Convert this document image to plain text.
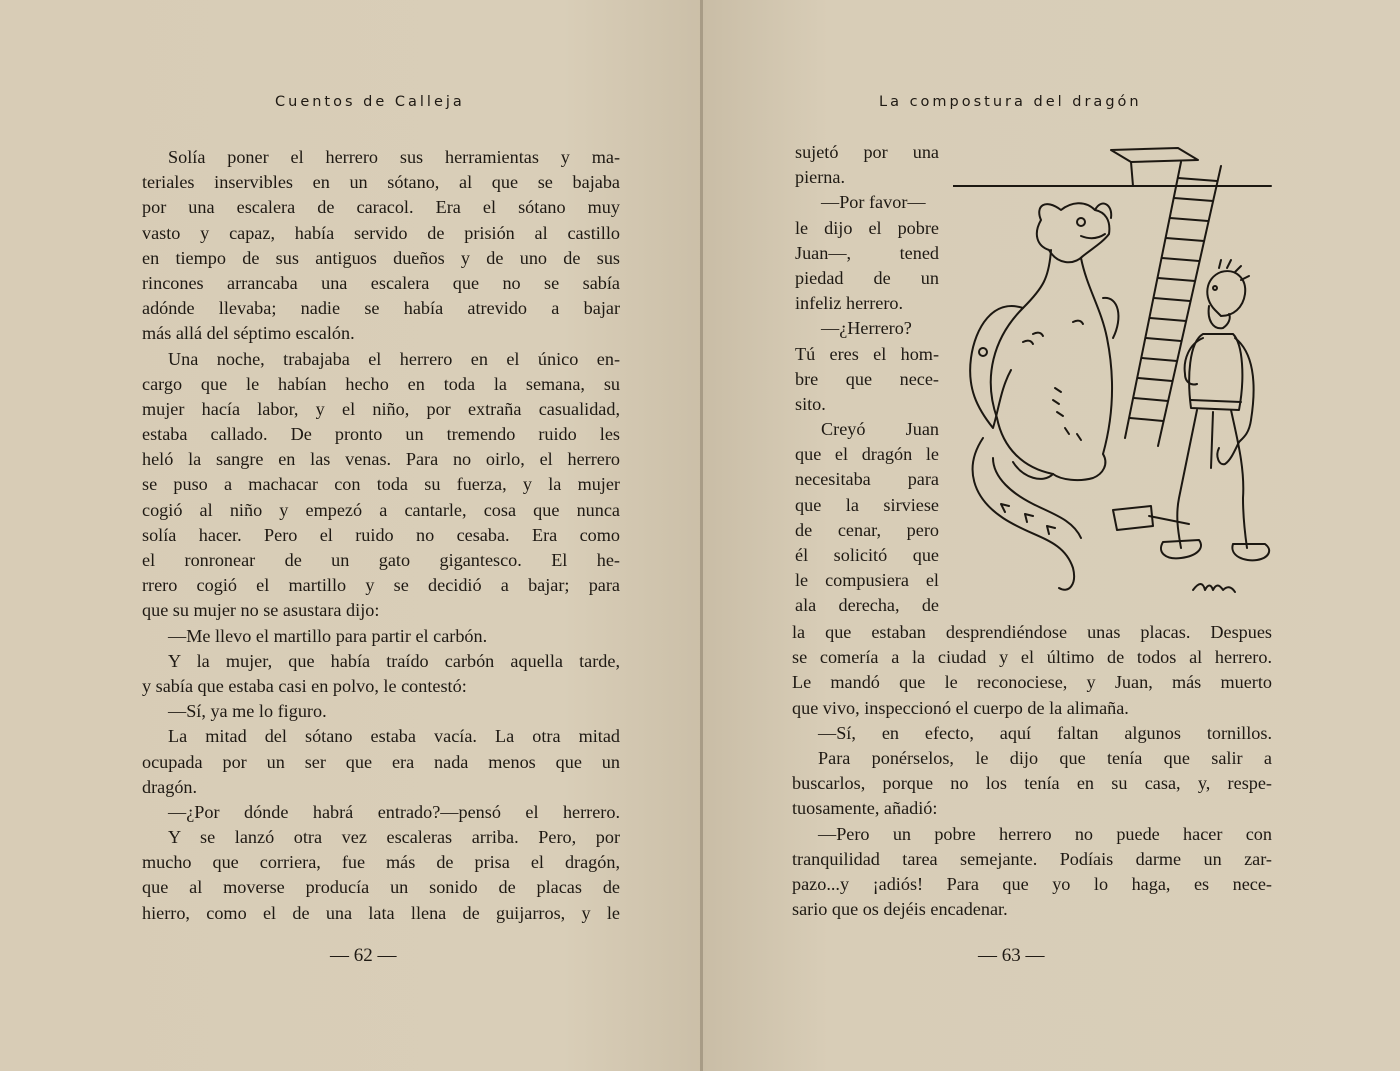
Cuentos de Calleja
Solía poner el herrero sus herramientas y ma-
teriales inservibles en un sótano, al que se bajaba
por una escalera de caracol. Era el sótano muy
vasto y capaz, había servido de prisión al castillo
en tiempo de sus antiguos dueños y de uno de sus
rincones arrancaba una escalera que no se sabía
adónde llevaba; nadie se había atrevido a bajar
más allá del séptimo escalón.
Una noche, trabajaba el herrero en el único en-
cargo que le habían hecho en toda la semana, su
mujer hacía labor, y el niño, por extraña casualidad,
estaba callado. De pronto un tremendo ruido les
heló la sangre en las venas. Para no oirlo, el herrero
se puso a machacar con toda su fuerza, y la mujer
cogió al niño y empezó a cantarle, cosa que nunca
solía hacer. Pero el ruido no cesaba. Era como
el ronronear de un gato gigantesco. El he-
rrero cogió el martillo y se decidió a bajar; para
que su mujer no se asustara dijo:
—Me llevo el martillo para partir el carbón.
Y la mujer, que había traído carbón aquella tarde,
y sabía que estaba casi en polvo, le contestó:
—Sí, ya me lo figuro.
La mitad del sótano estaba vacía. La otra mitad
ocupada por un ser que era nada menos que un
dragón.
—¿Por dónde habrá entrado?—pensó el herrero.
Y se lanzó otra vez escaleras arriba. Pero, por
mucho que corriera, fue más de prisa el dragón,
que al moverse producía un sonido de placas de
hierro, como el de una lata llena de guijarros, y le
— 62 —
La compostura del dragón
sujetó por una
pierna.
—Por favor—
le dijo el pobre
Juan—, tened
piedad de un
infeliz herrero.
—¿Herrero?
Tú eres el hom-
bre que nece-
sito.
Creyó Juan
que el dragón le
necesitaba para
que la sirviese
de cenar, pero
él solicitó que
le compusiera el
ala derecha, de
la que estaban desprendiéndose unas placas. Despues
se comería a la ciudad y el último de todos al herrero.
Le mandó que le reconociese, y Juan, más muerto
que vivo, inspeccionó el cuerpo de la alimaña.
—Sí, en efecto, aquí faltan algunos tornillos.
Para ponérselos, le dijo que tenía que salir a
buscarlos, porque no los tenía en su casa, y, respe-
tuosamente, añadió:
—Pero un pobre herrero no puede hacer con
tranquilidad tarea semejante. Podíais darme un zar-
pazo...y ¡adiós! Para que yo lo haga, es nece-
sario que os dejéis encadenar.
— 63 —
